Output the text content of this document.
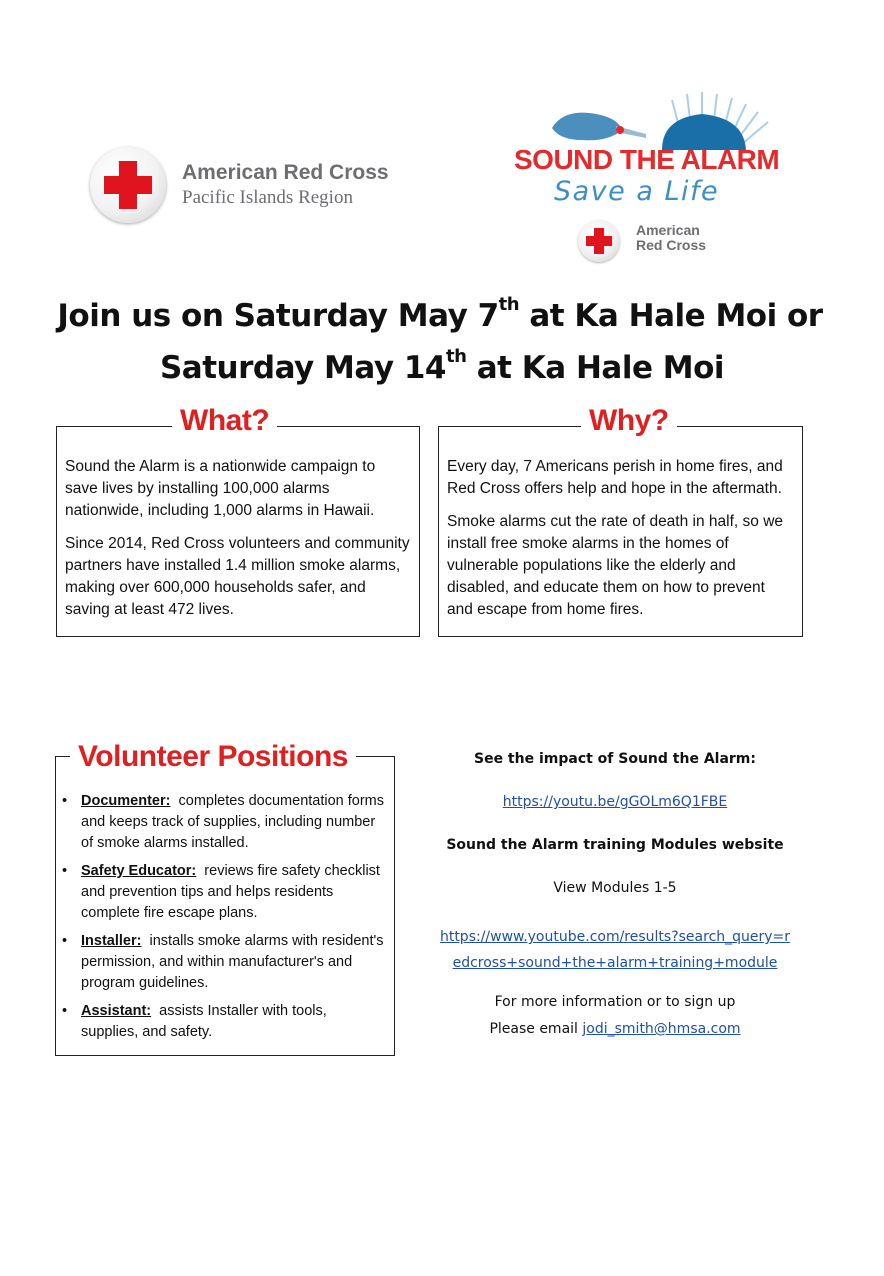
American Red Cross
Pacific Islands Region
SOUND THE ALARM
Save a Life
American
Red Cross
Join us on Saturday May 7th at Ka Hale Moi or
Saturday May 14th at Ka Hale Moi

Sound the Alarm is a nationwide campaign to save lives by installing 100,000 alarms nationwide, including 1,000 alarms in Hawaii.

Since 2014, Red Cross volunteers and community partners have installed 1.4 million smoke alarms, making over 600,000 households safer, and saving at least 472 lives.

What?

Every day, 7 Americans perish in home fires, and Red Cross offers help and hope in the aftermath.

Smoke alarms cut the rate of death in half, so we install free smoke alarms in the homes of vulnerable populations like the elderly and disabled, and educate them on how to prevent and escape from home fires.

Why?
• Documenter: completes documentation forms and keeps track of supplies, including number of smoke alarms installed.
• Safety Educator: reviews fire safety checklist and prevention tips and helps residents complete fire escape plans.
• Installer: installs smoke alarms with resident's permission, and within manufacturer's and program guidelines.
• Assistant: assists Installer with tools, supplies, and safety.
Volunteer Positions	See the impact of Sound the Alarm:
https://youtu.be/gGOLm6Q1FBE
Sound the Alarm training Modules website
View Modules 1-5
https://www.youtube.com/results?search_query=r
edcross+sound+the+alarm+training+module
For more information or to sign up
Please email jodi_smith@hmsa.com
